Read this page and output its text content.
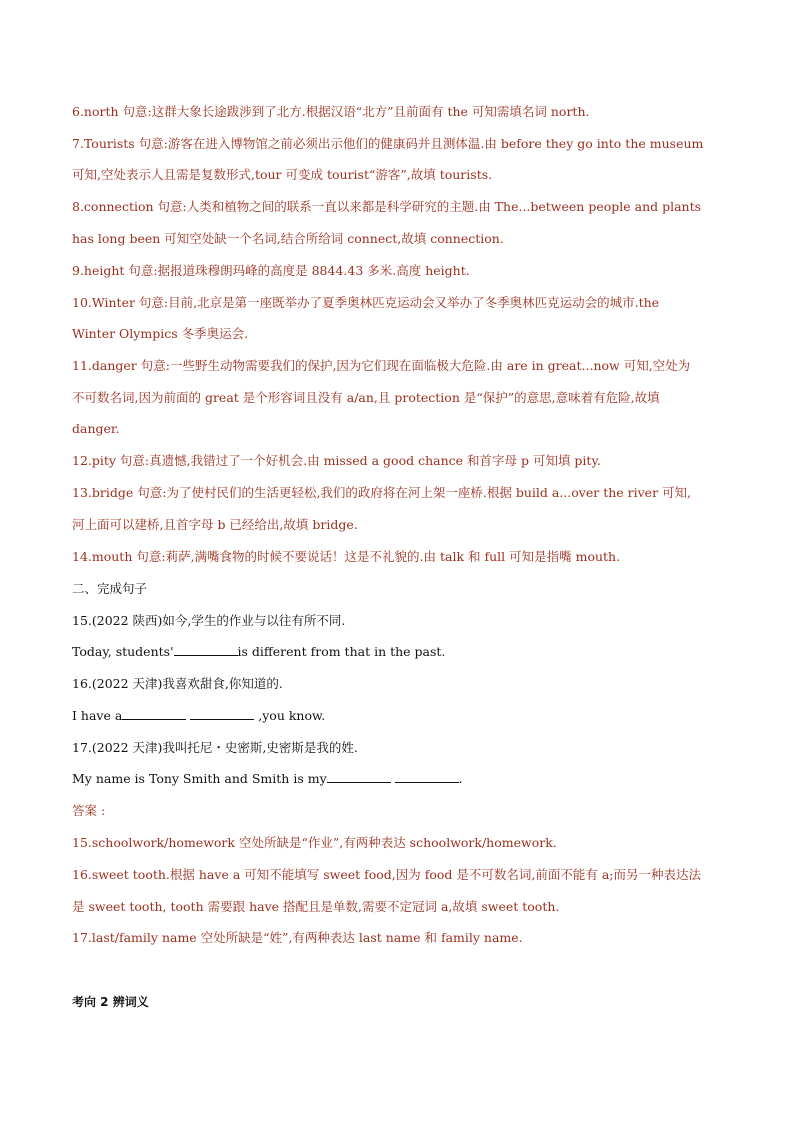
6.north 句意:这群大象长途跋涉到了北方.根据汉语“北方”且前面有 the 可知需填名词 north.
7.Tourists 句意:游客在进入博物馆之前必须出示他们的健康码并且测体温.由 before they go into the museum
可知,空处表示人且需是复数形式,tour 可变成 tourist“游客”,故填 tourists.
8.connection 句意:人类和植物之间的联系一直以来都是科学研究的主题.由 The...between people and plants
has long been 可知空处缺一个名词,结合所给词 connect,故填 connection.
9.height 句意:据报道珠穆朗玛峰的高度是 8844.43 多米.高度 height.
10.Winter 句意:目前,北京是第一座既举办了夏季奥林匹克运动会又举办了冬季奥林匹克运动会的城市.the
Winter Olympics 冬季奥运会.
11.danger 句意:一些野生动物需要我们的保护,因为它们现在面临极大危险.由 are in great...now 可知,空处为
不可数名词,因为前面的 great 是个形容词且没有 a/an,且 protection 是“保护”的意思,意味着有危险,故填
danger.
12.pity 句意:真遗憾,我错过了一个好机会.由 missed a good chance 和首字母 p 可知填 pity.
13.bridge 句意:为了使村民们的生活更轻松,我们的政府将在河上架一座桥.根据 build a...over the river 可知,
河上面可以建桥,且首字母 b 已经给出,故填 bridge.
14.mouth 句意:莉萨,满嘴食物的时候不要说话！这是不礼貌的.由 talk 和 full 可知是指嘴 mouth.
二、完成句子
15.(2022 陕西)如今,学生的作业与以往有所不同.
Today, students'	is different from that in the past.
16.(2022 天津)我喜欢甜食,你知道的.
I have a	,you know.
17.(2022 天津)我叫托尼・史密斯,史密斯是我的姓.
My name is Tony Smith and Smith is my	.
答案 :
15.schoolwork/homework 空处所缺是“作业”,有两种表达 schoolwork/homework.
16.sweet tooth.根据 have a 可知不能填写 sweet food,因为 food 是不可数名词,前面不能有 a;而另一种表达法
是 sweet tooth, tooth 需要跟 have 搭配且是单数,需要不定冠词 a,故填 sweet tooth.
17.last/family name 空处所缺是“姓”,有两种表达 last name 和 family name.
考向 2 辨词义
